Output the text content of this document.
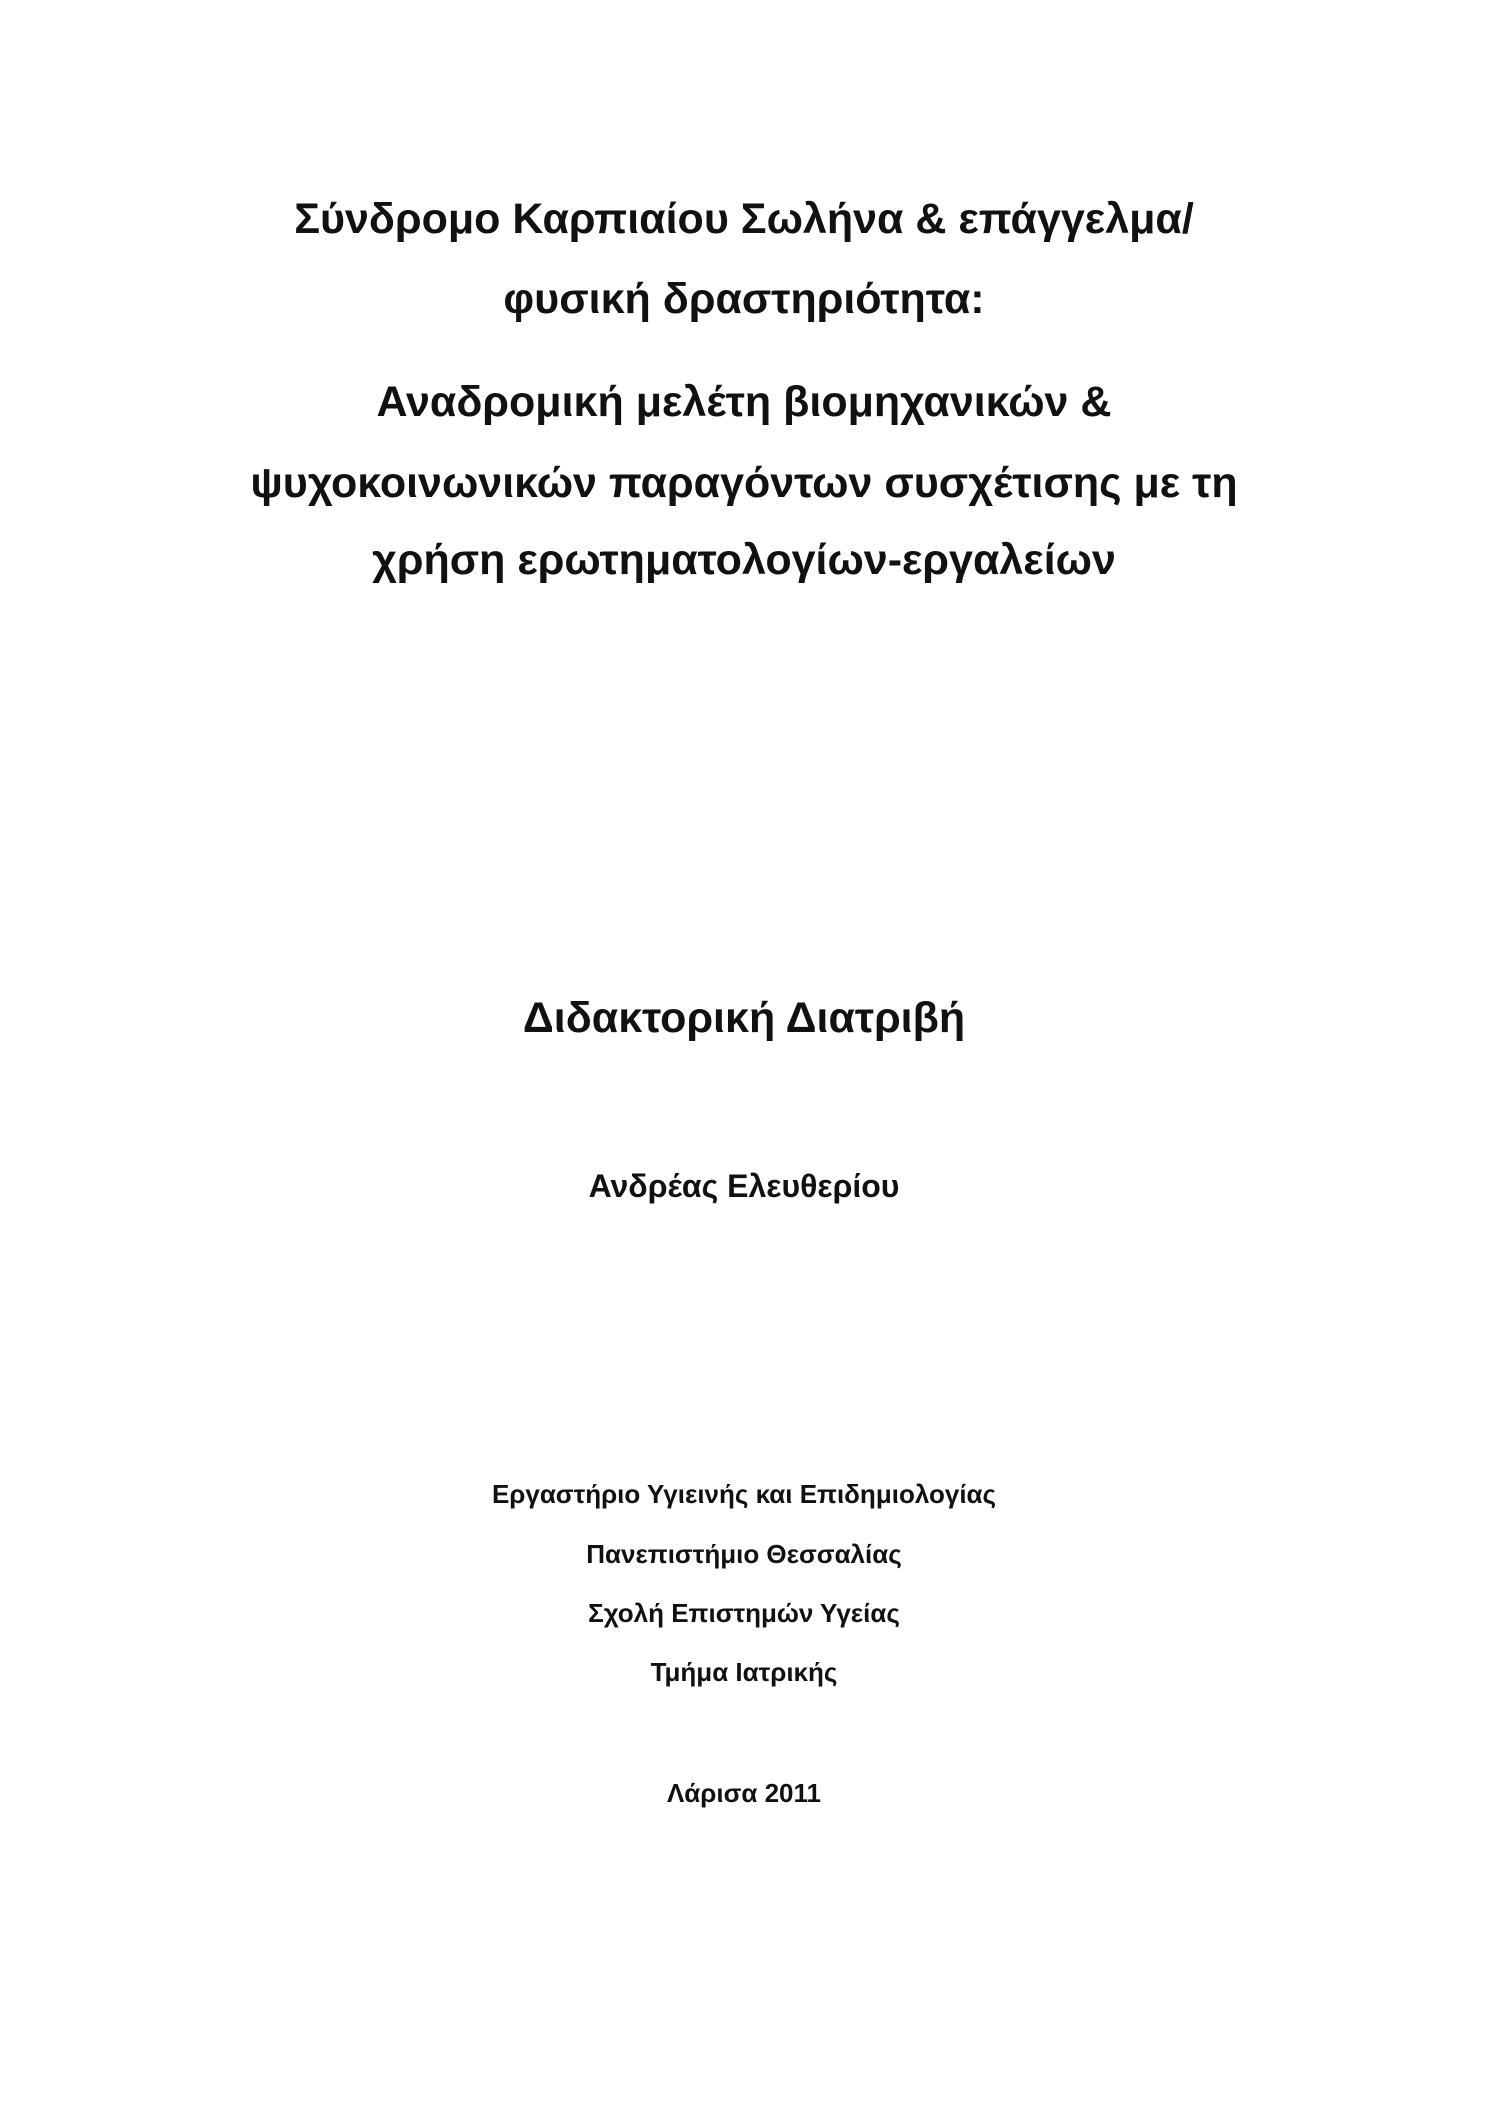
Σύνδρομο Καρπιαίου Σωλήνα & επάγγελμα/
φυσική δραστηριότητα:
Αναδρομική μελέτη βιομηχανικών &
ψυχοκοινωνικών παραγόντων συσχέτισης με τη
χρήση ερωτηματολογίων-εργαλείων
Διδακτορική Διατριβή
Ανδρέας Ελευθερίου
Εργαστήριο Υγιεινής και Επιδημιολογίας
Πανεπιστήμιο Θεσσαλίας
Σχολή Επιστημών Υγείας
Τμήμα Ιατρικής
Λάρισα 2011
